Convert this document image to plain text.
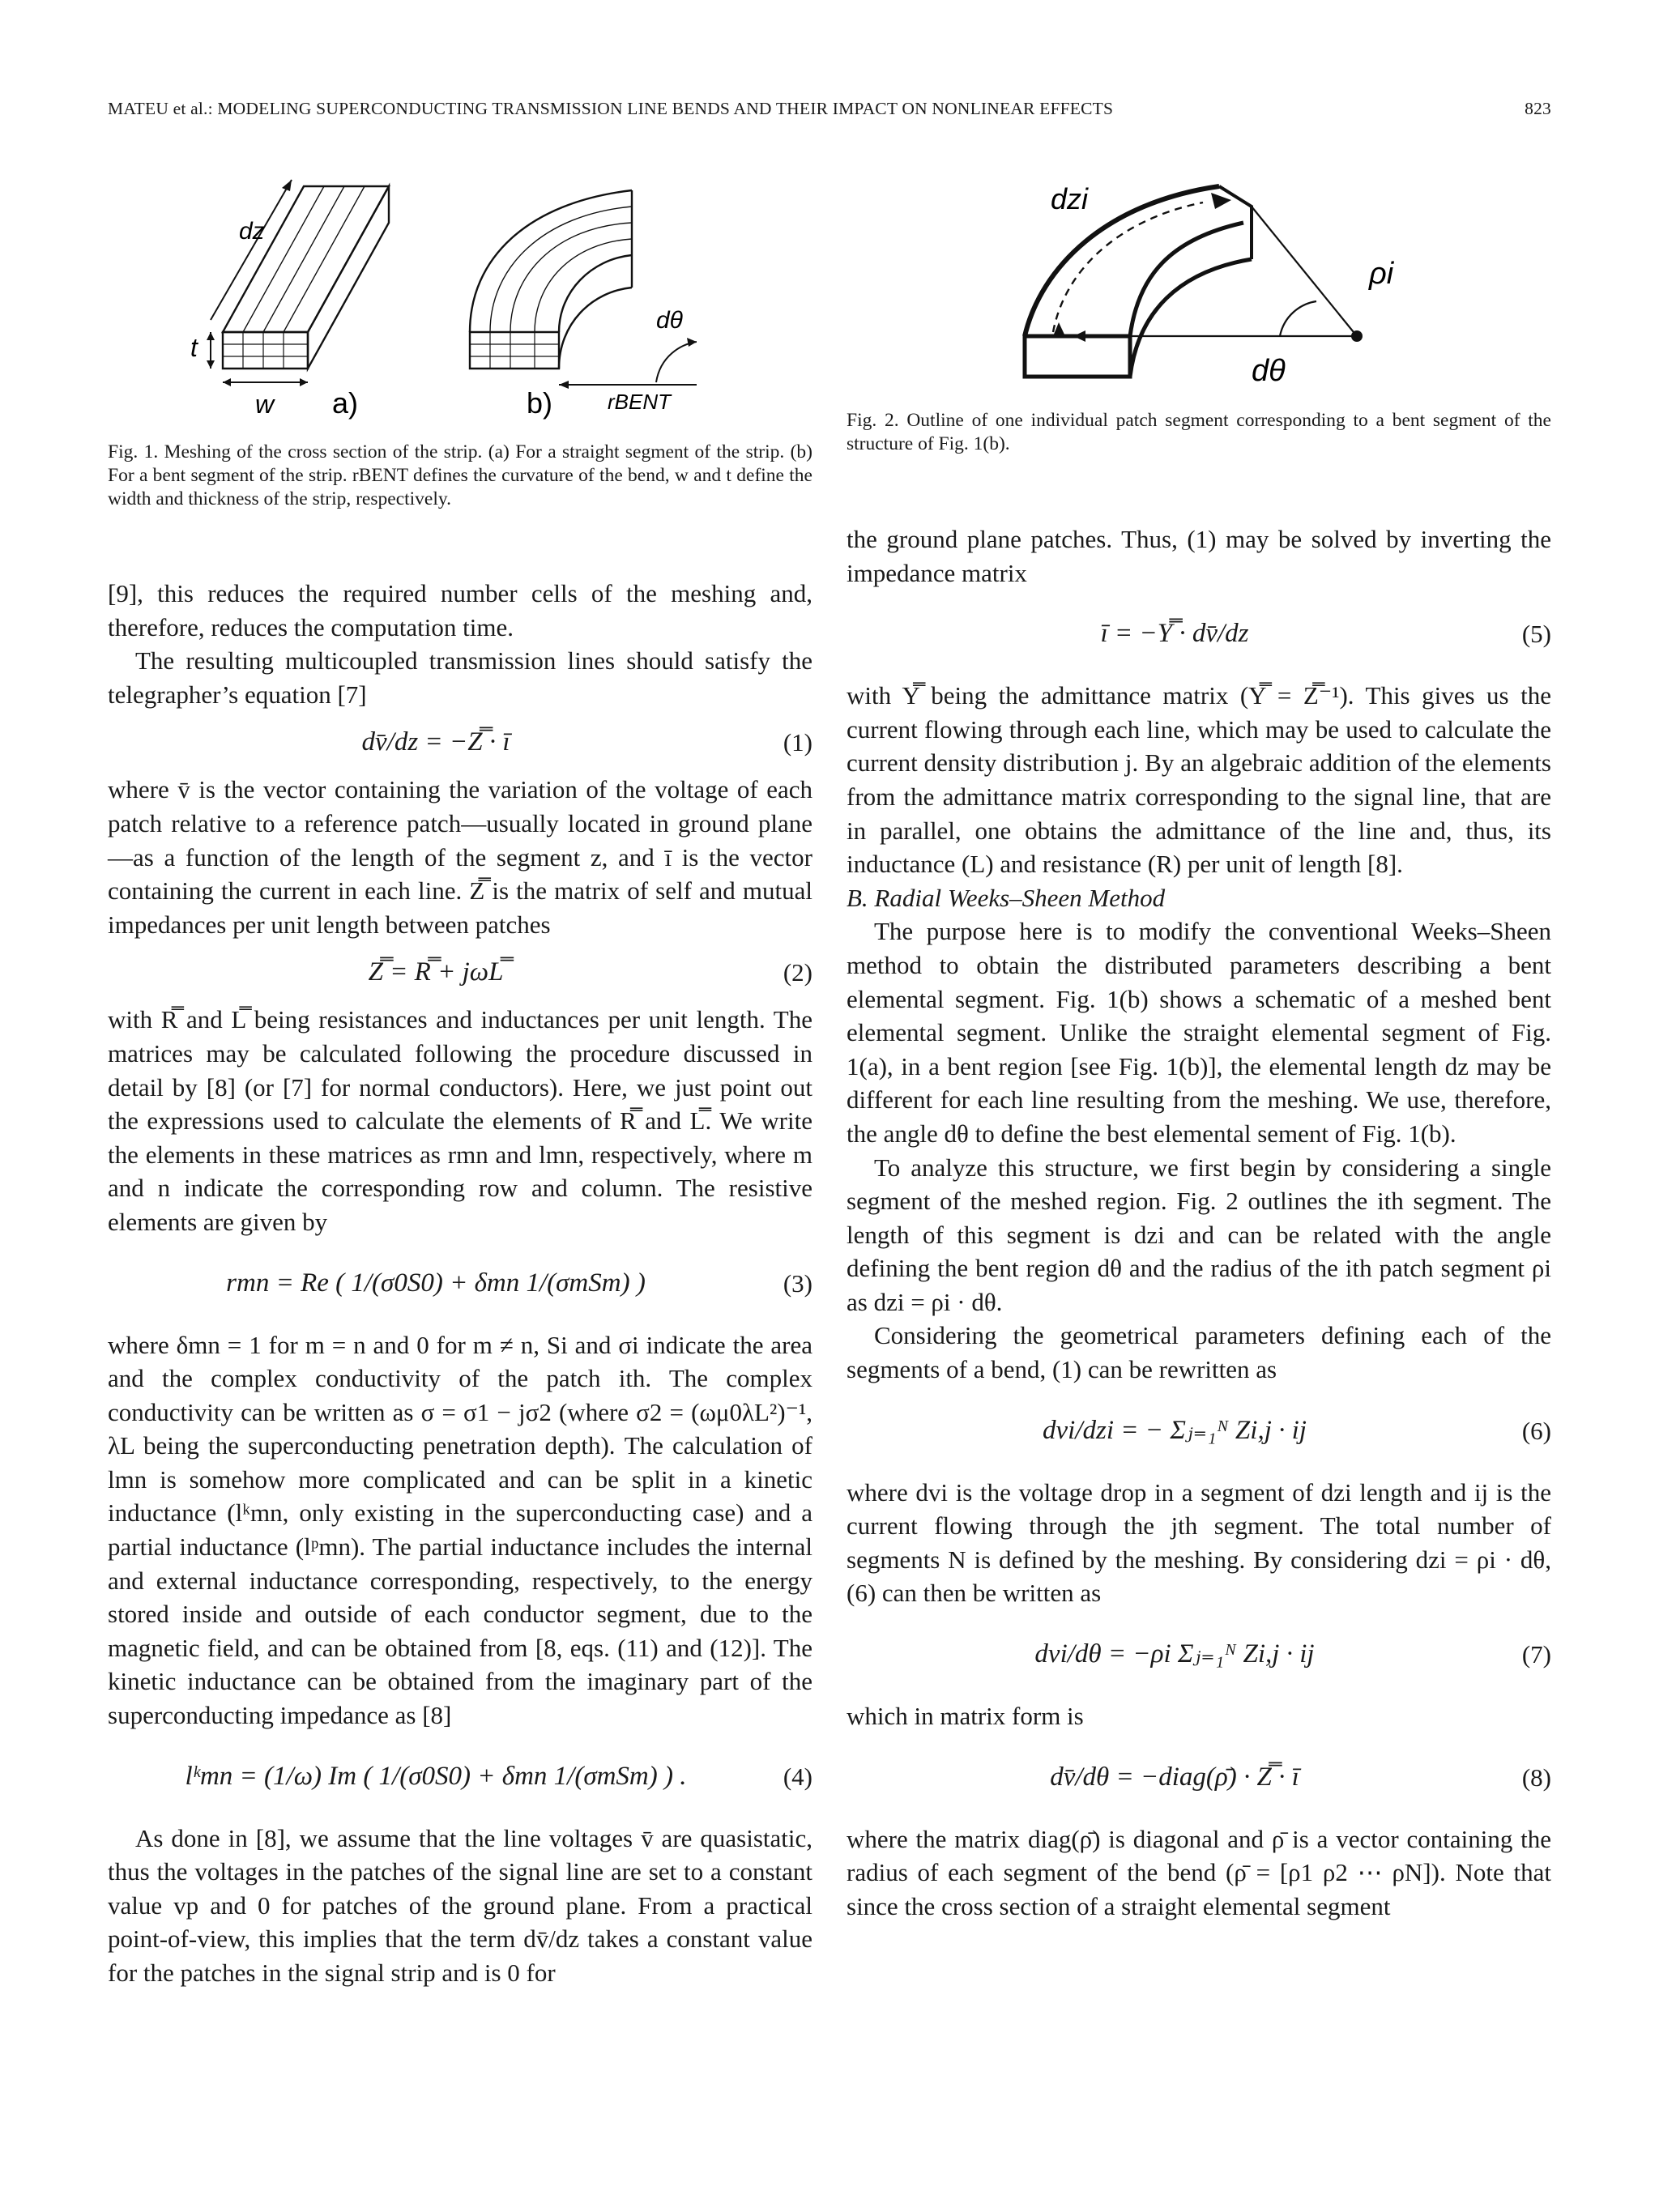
MATEU et al.: MODELING SUPERCONDUCTING TRANSMISSION LINE BENDS AND THEIR IMPACT ON NONLINEAR EFFECTS	823
dz
t
w a)	b)
dθ
rBENT
Fig. 1. Meshing of the cross section of the strip. (a) For a straight segment of the strip. (b) For a bent segment of the strip. rBENT defines the curvature of the bend, w and t define the width and thickness of the strip, respectively.
dzi
ρi
dθ
Fig. 2. Outline of one individual patch segment corresponding to a bent segment of the structure of Fig. 1(b).

[9], this reduces the required number cells of the meshing and, therefore, reduces the computation time.

The resulting multicoupled transmission lines should satisfy the telegrapher’s equation [7]

dv̄/dz = −Z̿ · ī	(1)

where v̄ is the vector containing the variation of the voltage of each patch relative to a reference patch—usually located in ground plane—as a function of the length of the segment z, and ī is the vector containing the current in each line. Z̿ is the matrix of self and mutual impedances per unit length between patches

Z̿ = R̿ + jωL̿	(2)

with R̿ and L̿ being resistances and inductances per unit length. The matrices may be calculated following the procedure discussed in detail by [8] (or [7] for normal conductors). Here, we just point out the expressions used to calculate the elements of R̿ and L̿. We write the elements in these matrices as rmn and lmn, respectively, where m and n indicate the corresponding row and column. The resistive elements are given by

rmn = Re ( 1/(σ0S0) + δmn 1/(σmSm) )	(3)

where δmn = 1 for m = n and 0 for m ≠ n, Si and σi indicate the area and the complex conductivity of the patch ith. The complex conductivity can be written as σ = σ1 − jσ2 (where σ2 = (ωμ0λL²)⁻¹, λL being the superconducting penetration depth). The calculation of lmn is somehow more complicated and can be split in a kinetic inductance (lᵏmn, only existing in the superconducting case) and a partial inductance (lᵖmn). The partial inductance includes the internal and external inductance corresponding, respectively, to the energy stored inside and outside of each conductor segment, due to the magnetic field, and can be obtained from [8, eqs. (11) and (12)]. The kinetic inductance can be obtained from the imaginary part of the superconducting impedance as [8]

lᵏmn = (1/ω) Im ( 1/(σ0S0) + δmn 1/(σmSm) ) .	(4)

As done in [8], we assume that the line voltages v̄ are quasistatic, thus the voltages in the patches of the signal line are set to a constant value vp and 0 for patches of the ground plane. From a practical point-of-view, this implies that the term dv̄/dz takes a constant value for the patches in the signal strip and is 0 for

the ground plane patches. Thus, (1) may be solved by inverting the impedance matrix

ī = −Y̿ · dv̄/dz	(5)

with Y̿ being the admittance matrix (Y̿ = Z̿⁻¹). This gives us the current flowing through each line, which may be used to calculate the current density distribution j. By an algebraic addition of the elements from the admittance matrix corresponding to the signal line, that are in parallel, one obtains the admittance of the line and, thus, its inductance (L) and resistance (R) per unit of length [8].

B. Radial Weeks–Sheen Method

The purpose here is to modify the conventional Weeks–Sheen method to obtain the distributed parameters describing a bent elemental segment. Fig. 1(b) shows a schematic of a meshed bent elemental segment. Unlike the straight elemental segment of Fig. 1(a), in a bent region [see Fig. 1(b)], the elemental length dz may be different for each line resulting from the meshing. We use, therefore, the angle dθ to define the best elemental sement of Fig. 1(b).

To analyze this structure, we first begin by considering a single segment of the meshed region. Fig. 2 outlines the ith segment. The length of this segment is dzi and can be related with the angle defining the bent region dθ and the radius of the ith patch segment ρi as dzi = ρi · dθ.

Considering the geometrical parameters defining each of the segments of a bend, (1) can be rewritten as

dvi/dzi = − Σⱼ₌₁ᴺ Zi,j · ij	(6)

where dvi is the voltage drop in a segment of dzi length and ij is the current flowing through the jth segment. The total number of segments N is defined by the meshing. By considering dzi = ρi · dθ, (6) can then be written as

dvi/dθ = −ρi Σⱼ₌₁ᴺ Zi,j · ij	(7)

which in matrix form is

dv̄/dθ = −diag(ρ̄) · Z̿ · ī	(8)

where the matrix diag(ρ̄) is diagonal and ρ̄ is a vector containing the radius of each segment of the bend (ρ̄ = [ρ1 ρ2 ⋯ ρN]). Note that since the cross section of a straight elemental segment
